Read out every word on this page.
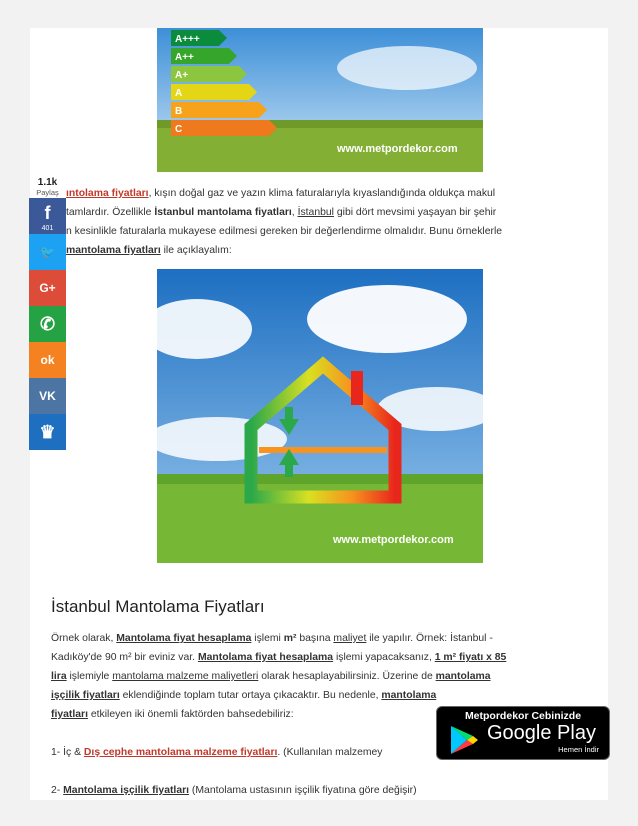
A+++
A++
A+
A
B
C
www.metpordekor.com
1.1k
Paylaş
f
401
🐦
G+
✆
ok
VK
♛
ıntolama fiyatları, kışın doğal gaz ve yazın klima faturalarıyla kıyaslandığında oldukça makul
tamlardır. Özellikle İstanbul mantolama fiyatları, İstanbul gibi dört mevsimi yaşayan bir şehir
n kesinlikle faturalarla mukayese edilmesi gereken bir değerlendirme olmalıdır. Bunu örneklerle
mantolama fiyatları ile açıklayalım:
www.metpordekor.com
İstanbul Mantolama Fiyatları
Örnek olarak, Mantolama fiyat hesaplama işlemi m² başına maliyet ile yapılır. Örnek: İstanbul -
Kadıköy'de 90 m² bir eviniz var. Mantolama fiyat hesaplama işlemi yapacaksanız, 1 m² fiyatı x 85
lira işlemiyle mantolama malzeme maliyetleri olarak hesaplayabilirsiniz. Üzerine de mantolama
işçilik fiyatları eklendiğinde toplam tutar ortaya çıkacaktır. Bu nedenle, mantolama
fiyatları etkileyen iki önemli faktörden bahsedebiliriz:
1- İç & Dış cephe mantolama malzeme fiyatları. (Kullanılan malzemey
2- Mantolama işçilik fiyatları (Mantolama ustasının işçilik fiyatına göre değişir)
Metpordekor Cebinizde
Google Play
Hemen İndir
